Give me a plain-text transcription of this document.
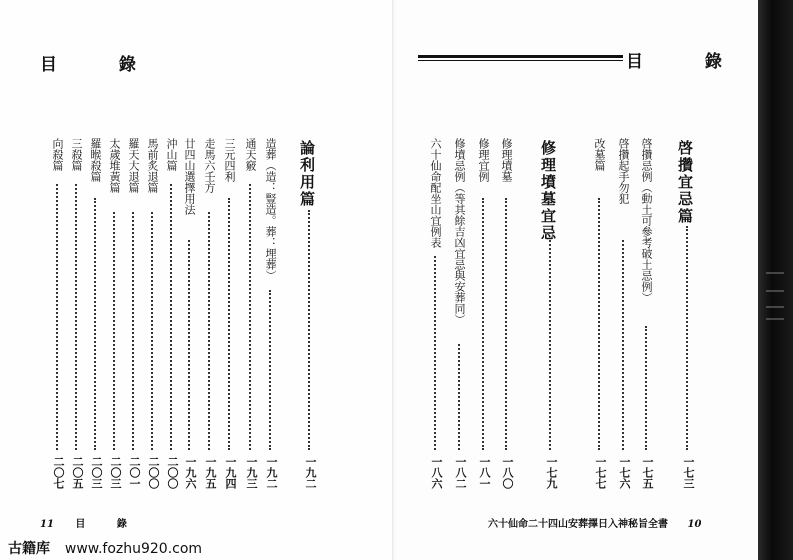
目 錄
論利用篇
一九二
造葬（造：豎造。葬：埋葬）
一九二
通天竅
一九三
三元四利
一九四
走馬六壬方
一九五
廿四山選擇用法
一九六
沖山篇
二〇〇
馬前炙退篇
二〇〇
羅天大退篇
二〇一
太歲堆黃篇
二〇三
羅睺殺篇
二〇三
三殺篇
二〇五
向殺篇
二〇七
11 目 錄
目 錄
啓攢宜忌篇
一七三
啓攢忌例（動土可參考破土忌例）
一七五
啓攢起手勿犯
一七六
改墓篇
一七七
修理墳墓宜忌
一七九
修理墳墓
一八〇
修理宜例
一八一
修墳忌例（等其餘吉凶宜忌與安葬同）
一八二
六十仙命配坐山宜例表
一八六
六十仙命二十四山安葬擇日入神秘旨全書 10
古籍库 www.fozhu920.com
